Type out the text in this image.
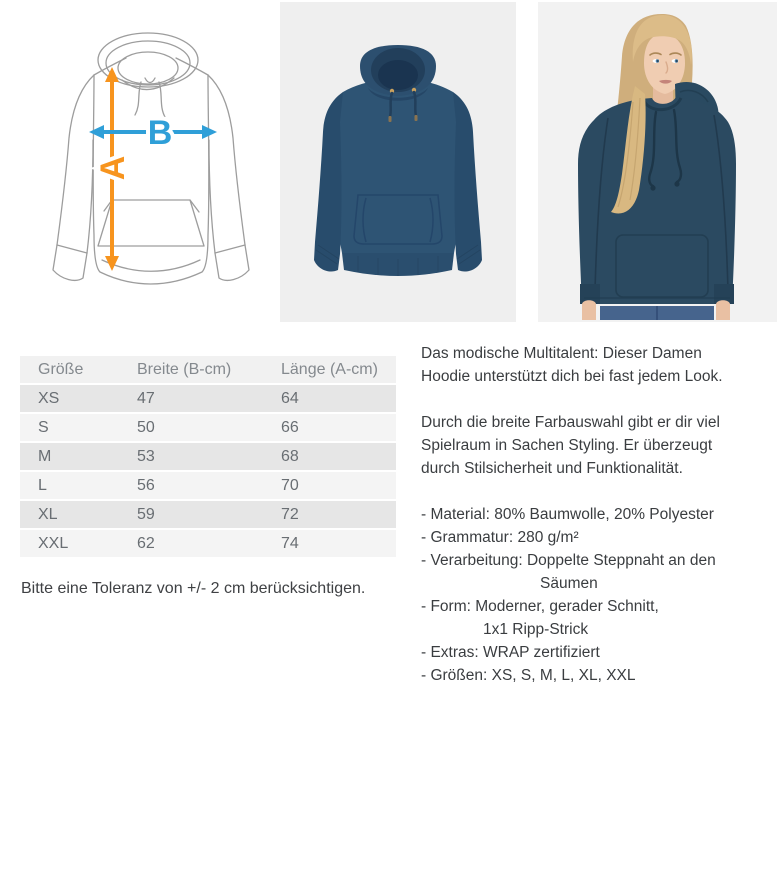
A
B
Größe	Breite (B-cm)	Länge (A-cm)
XS	47	64
S	50	66
M	53	68
L	56	70
XL	59	72
XXL	62	74

Bitte eine Toleranz von +/- 2 cm berücksichtigen.

Das modische Multitalent: Dieser Damen
Hoodie unterstützt dich bei fast jedem Look.
Durch die breite Farbauswahl gibt er dir viel
Spielraum in Sachen Styling. Er überzeugt
durch Stilsicherheit und Funktionalität.
- Material: 80% Baumwolle, 20% Polyester
- Grammatur: 280 g/m²
- Verarbeitung: Doppelte Steppnaht an den
Säumen
- Form: Moderner, gerader Schnitt,
1x1 Ripp-Strick
- Extras: WRAP zertifiziert
- Größen: XS, S, M, L, XL, XXL
